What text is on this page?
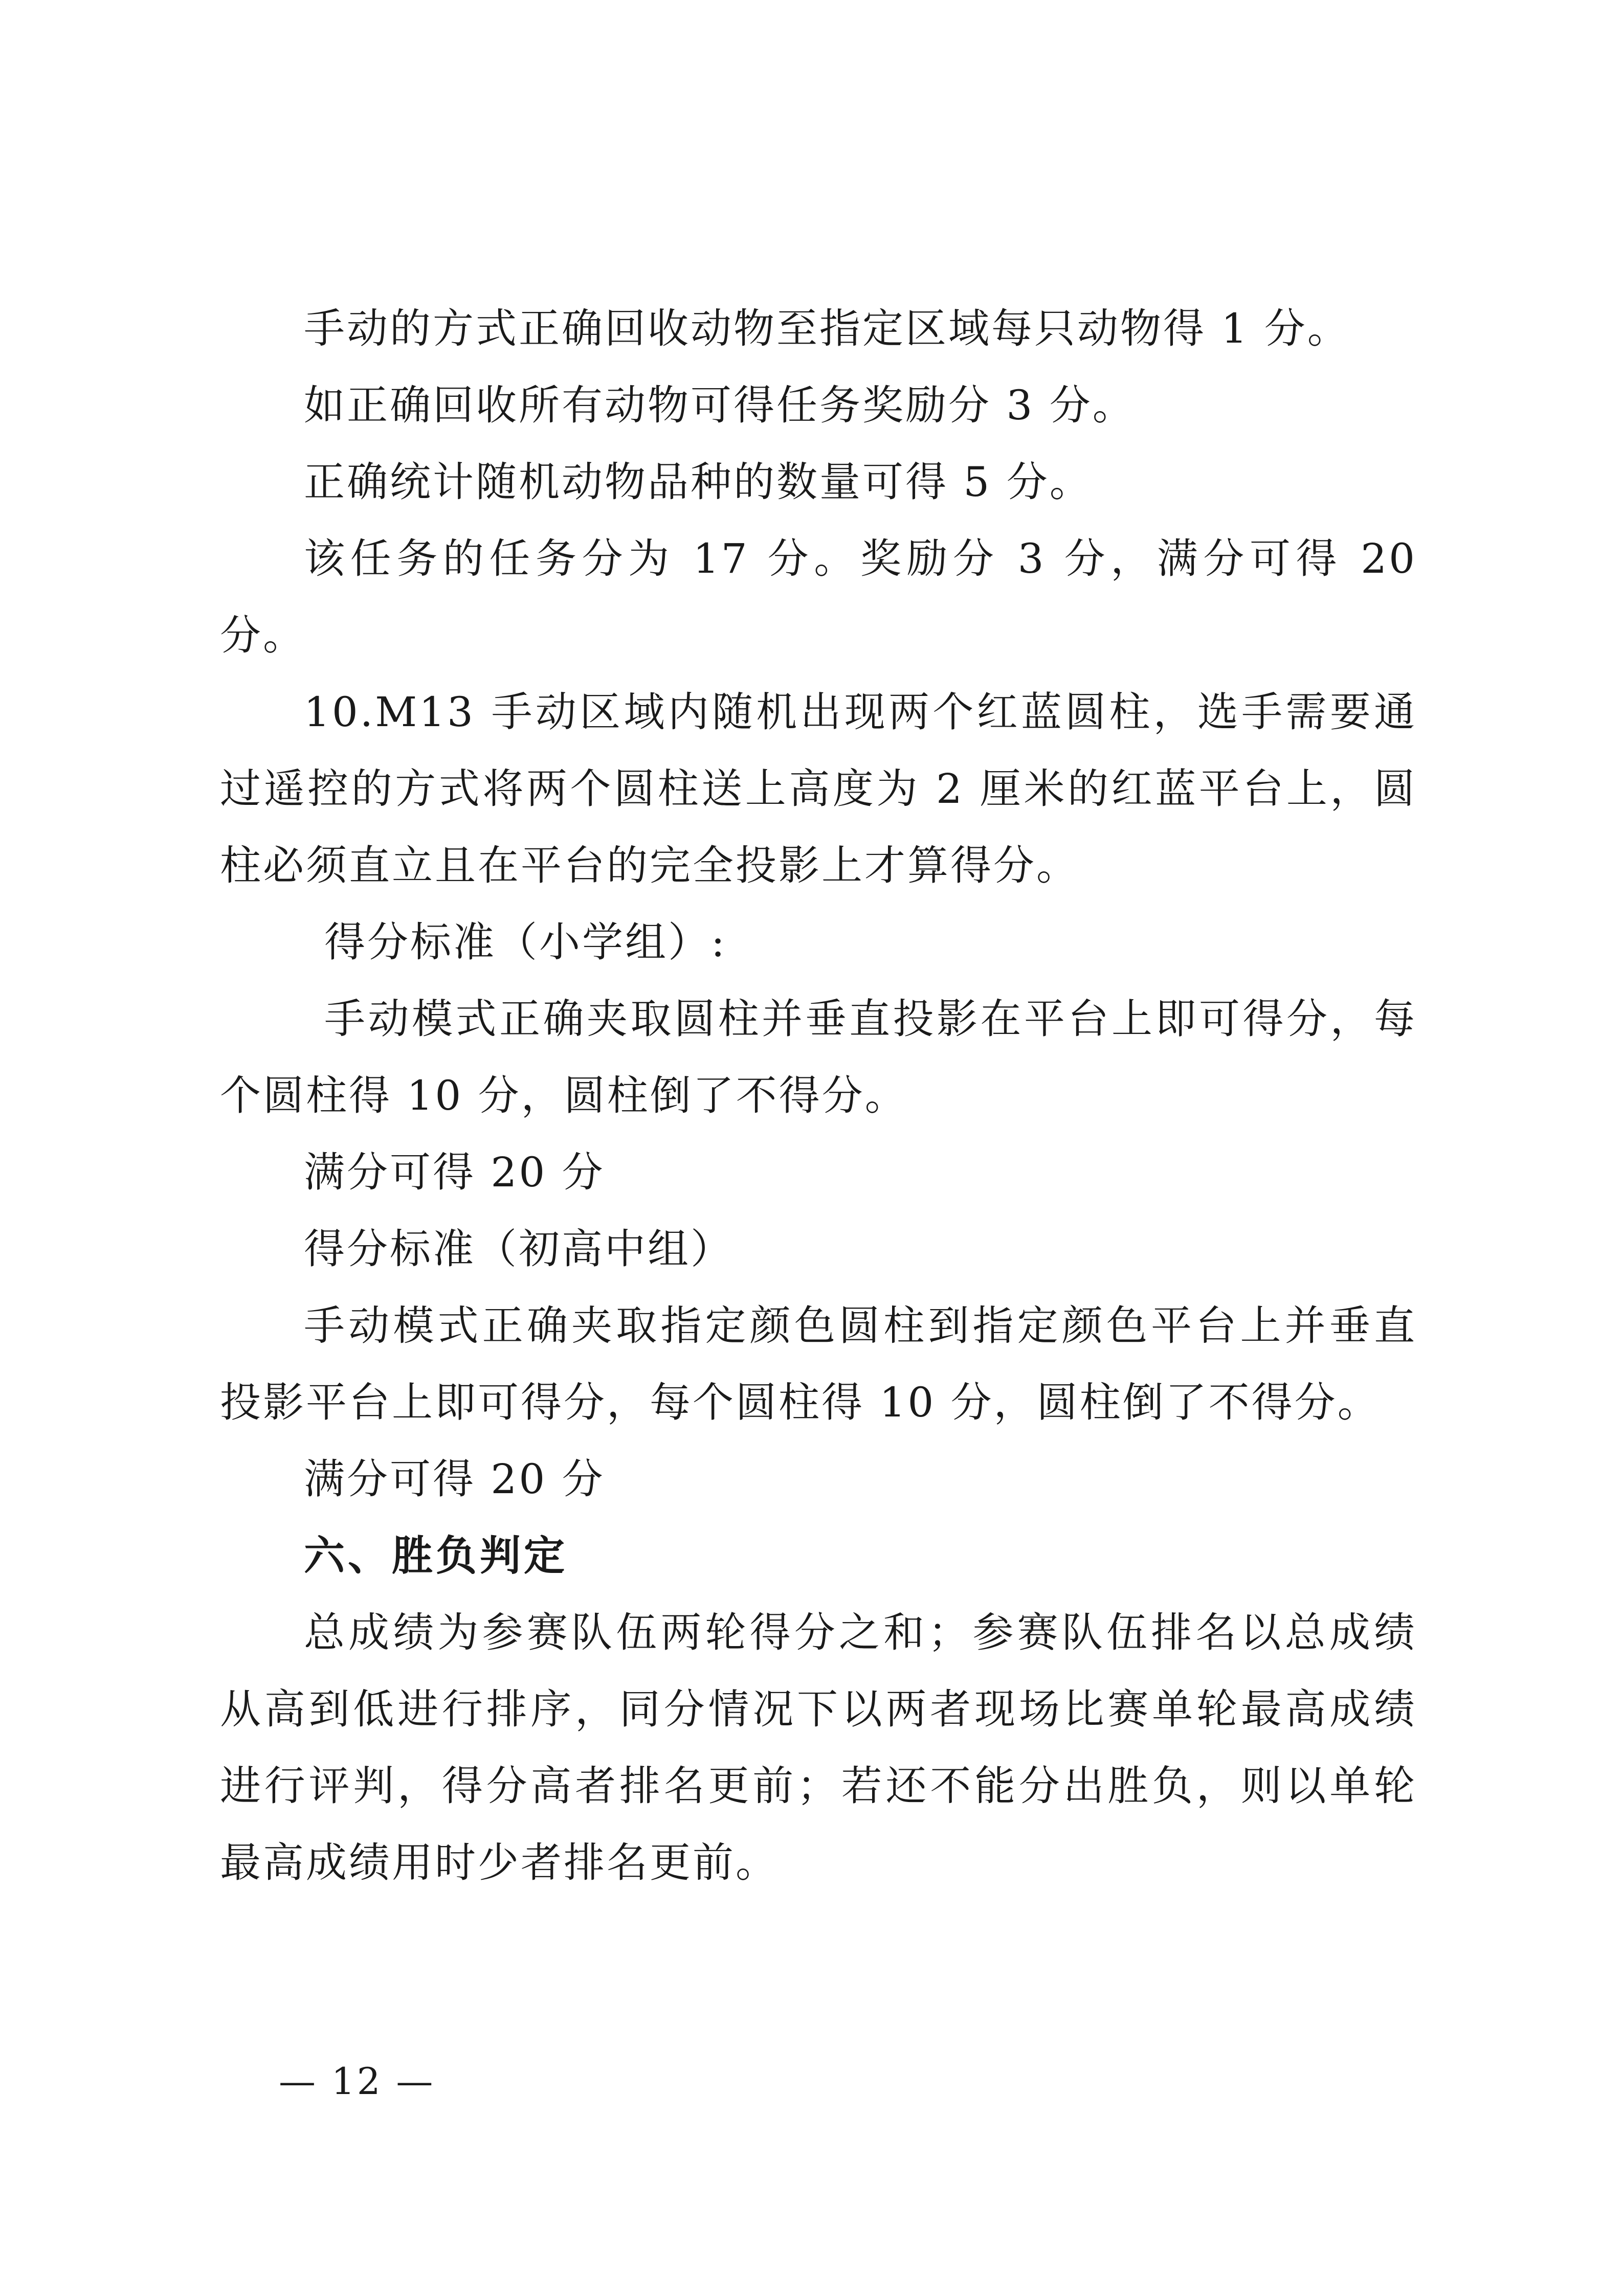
手动的方式正确回收动物至指定区域每只动物得 1 分。

如正确回收所有动物可得任务奖励分 3 分。

正确统计随机动物品种的数量可得 5 分。

该任务的任务分为 17 分。奖励分 3 分，满分可得 20 分。

10.M13 手动区域内随机出现两个红蓝圆柱，选手需要通过遥控的方式将两个圆柱送上高度为 2 厘米的红蓝平台上，圆柱必须直立且在平台的完全投影上才算得分。

得分标准（小学组）:

手动模式正确夹取圆柱并垂直投影在平台上即可得分，每个圆柱得 10 分，圆柱倒了不得分。

满分可得 20 分

得分标准（初高中组）

手动模式正确夹取指定颜色圆柱到指定颜色平台上并垂直投影平台上即可得分，每个圆柱得 10 分，圆柱倒了不得分。

满分可得 20 分

六、胜负判定

总成绩为参赛队伍两轮得分之和；参赛队伍排名以总成绩从高到低进行排序，同分情况下以两者现场比赛单轮最高成绩进行评判，得分高者排名更前；若还不能分出胜负，则以单轮最高成绩用时少者排名更前。

— 12 —
